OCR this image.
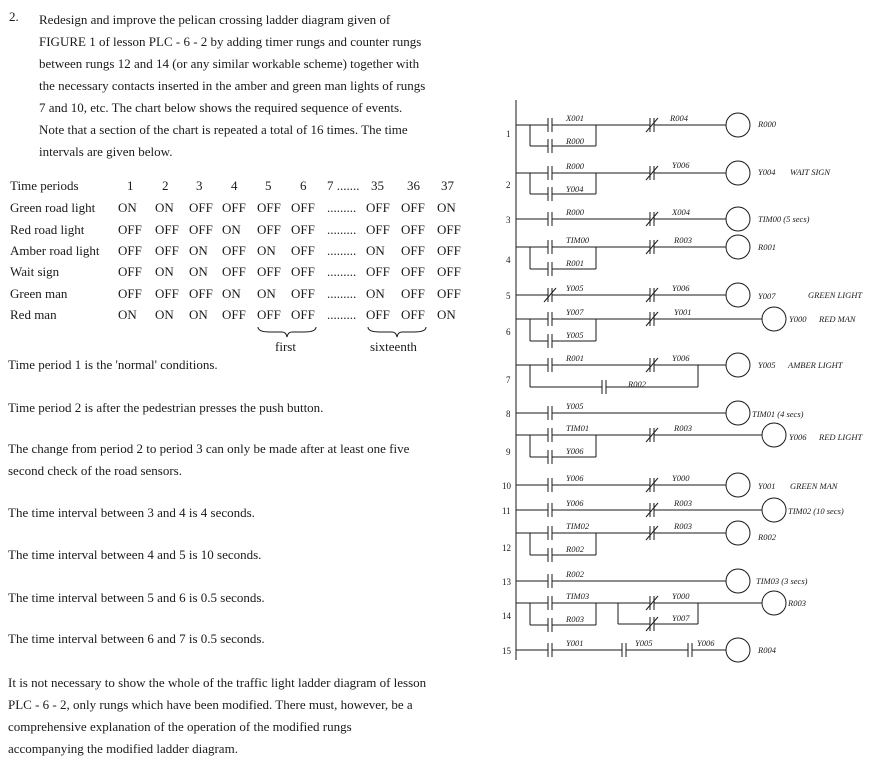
2. Redesign and improve the pelican crossing ladder diagram given of
FIGURE 1 of lesson PLC - 6 - 2 by adding timer rungs and counter rungs
between rungs 12 and 14 (or any similar workable scheme) together with
the necessary contacts inserted in the amber and green man lights of rungs
7 and 10, etc. The chart below shows the required sequence of events.
Note that a section of the chart is repeated a total of 16 times. The time
intervals are given below.
Time periods	1 2 3 4 5 6 7 ....... 35 36 37
Green road light ON ON OFF OFF OFF OFF ......... OFF OFF ON
Red road light	OFF OFF OFF ON OFF OFF ......... OFF OFF OFF
Amber road light OFF OFF ON OFF ON OFF ......... ON OFF OFF
Wait sign	OFF ON ON OFF OFF OFF ......... OFF OFF OFF
Green man	OFF OFF OFF ON ON OFF ......... ON OFF OFF
Red man	ON ON ON OFF OFF OFF ......... OFF OFF ON
first	sixteenth
Time period 1 is the 'normal' conditions.
Time period 2 is after the pedestrian presses the push button.
The change from period 2 to period 3 can only be made after at least one five second check of the road sensors.
The time interval between 3 and 4 is 4 seconds.
The time interval between 4 and 5 is 10 seconds.
The time interval between 5 and 6 is 0.5 seconds.
The time interval between 6 and 7 is 0.5 seconds.
It is not necessary to show the whole of the traffic light ladder diagram of lesson PLC - 6 - 2, only rungs which have been modified. There must, however, be a comprehensive explanation of the operation of the modified rungs accompanying the modified ladder diagram.
1
2
3
4
5
6
7
8
9
10
11
12
13
14
15
X001	R004
R000
R000	Y006
Y004
R000	X004
TIM00	R003
R001
Y005	Y006
Y007	Y001
Y005
R001	Y006
R002
Y005
TIM01	R003
Y006
Y006	Y000
Y006	R003
TIM02	R003
R002
R002
TIM03	Y000
Y007
R003
Y001	Y005	Y006
R000
Y004 WAIT SIGN
TIM00 (5 secs)
R001
Y007	GREEN LIGHT
Y000 RED MAN
Y005 AMBER LIGHT
TIM01 (4 secs)
Y006 RED LIGHT
Y001 GREEN MAN
TIM02 (10 secs)
R002
TIM03 (3 secs)
R003
R004
